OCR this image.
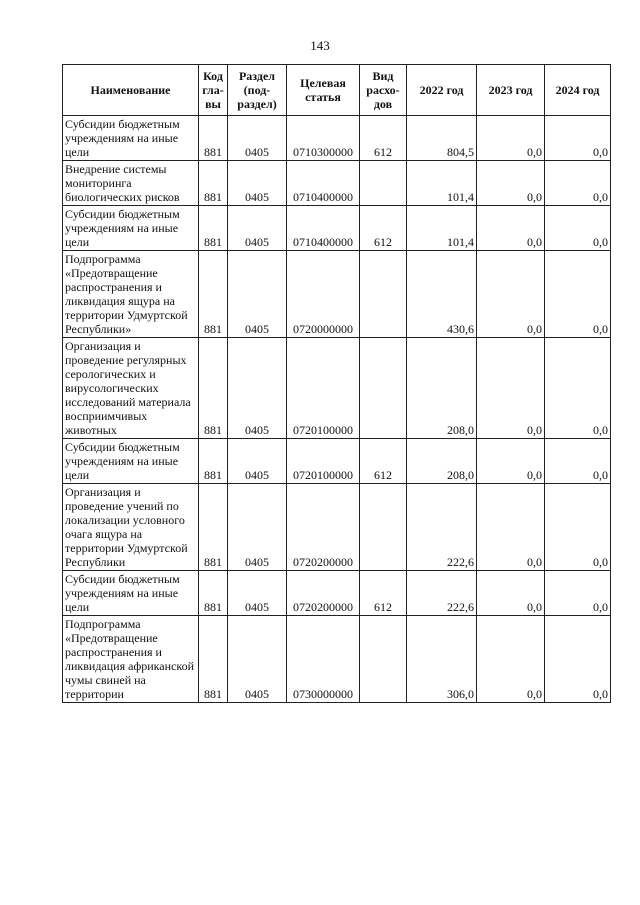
143
Наименование	Код гла- вы	Раздел (под- раздел)	Целевая статья	Вид расхо- дов	2022 год	2023 год	2024 год
Субсидии бюджетным учреждениям на иные цели	881	0405	0710300000	612	804,5	0,0	0,0
Внедрение системы мониторинга биологических рисков	881	0405	0710400000		101,4	0,0	0,0
Субсидии бюджетным учреждениям на иные цели	881	0405	0710400000	612	101,4	0,0	0,0
Подпрограмма «Предотвращение распространения и ликвидация ящура на территории Удмуртской Республики»	881	0405	0720000000		430,6	0,0	0,0
Организация и проведение регулярных серологических и вирусологических исследований материала восприимчивых животных	881	0405	0720100000		208,0	0,0	0,0
Субсидии бюджетным учреждениям на иные цели	881	0405	0720100000	612	208,0	0,0	0,0
Организация и проведение учений по локализации условного очага ящура на территории Удмуртской Республики	881	0405	0720200000		222,6	0,0	0,0
Субсидии бюджетным учреждениям на иные цели	881	0405	0720200000	612	222,6	0,0	0,0
Подпрограмма «Предотвращение распространения и ликвидация африканской чумы свиней на территории	881	0405	0730000000		306,0	0,0	0,0
